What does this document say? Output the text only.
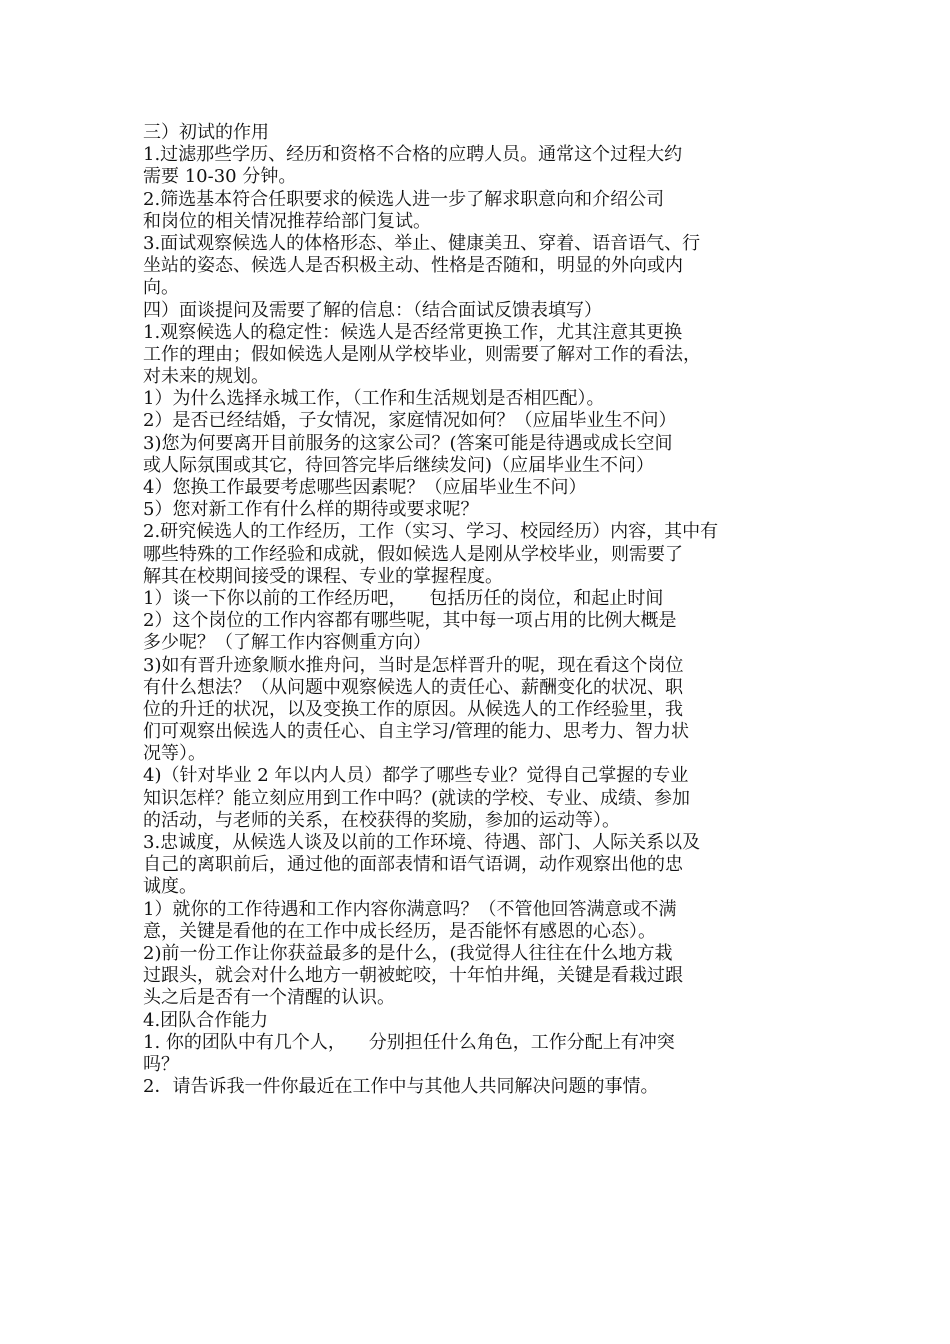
三）初试的作用
1.过滤那些学历、经历和资格不合格的应聘人员。通常这个过程大约
需要 10-30 分钟。
2.筛选基本符合任职要求的候选人进一步了解求职意向和介绍公司
和岗位的相关情况推荐给部门复试。
3.面试观察候选人的体格形态、举止、健康美丑、穿着、语音语气、行
坐站的姿态、候选人是否积极主动、性格是否随和，明显的外向或内
向。
四）面谈提问及需要了解的信息：（结合面试反馈表填写）
1.观察候选人的稳定性：候选人是否经常更换工作，尤其注意其更换
工作的理由；假如候选人是刚从学校毕业，则需要了解对工作的看法，
对未来的规划。
1）为什么选择永城工作，（工作和生活规划是否相匹配）。
2）是否已经结婚，子女情况，家庭情况如何？（应届毕业生不问）
3)您为何要离开目前服务的这家公司？(答案可能是待遇或成长空间
或人际氛围或其它，待回答完毕后继续发问)（应届毕业生不问）
4）您换工作最要考虑哪些因素呢？（应届毕业生不问）
5）您对新工作有什么样的期待或要求呢？
2.研究候选人的工作经历，工作（实习、学习、校园经历）内容，其中有
哪些特殊的工作经验和成就，假如候选人是刚从学校毕业，则需要了
解其在校期间接受的课程、专业的掌握程度。
1）谈一下你以前的工作经历吧，    包括历任的岗位，和起止时间
2）这个岗位的工作内容都有哪些呢，其中每一项占用的比例大概是
多少呢？（了解工作内容侧重方向）
3)如有晋升迹象顺水推舟问，当时是怎样晋升的呢，现在看这个岗位
有什么想法？（从问题中观察候选人的责任心、薪酬变化的状况、职
位的升迁的状况，以及变换工作的原因。从候选人的工作经验里，我
们可观察出候选人的责任心、自主学习/管理的能力、思考力、智力状
况等）。
4)（针对毕业 2 年以内人员）都学了哪些专业？觉得自己掌握的专业
知识怎样？能立刻应用到工作中吗？(就读的学校、专业、成绩、参加
的活动，与老师的关系，在校获得的奖励，参加的运动等）。
3.忠诚度，从候选人谈及以前的工作环境、待遇、部门、人际关系以及
自己的离职前后，通过他的面部表情和语气语调，动作观察出他的忠
诚度。
1）就你的工作待遇和工作内容你满意吗？（不管他回答满意或不满
意，关键是看他的在工作中成长经历，是否能怀有感恩的心态）。
2)前一份工作让你获益最多的是什么，(我觉得人往往在什么地方栽
过跟头，就会对什么地方一朝被蛇咬，十年怕井绳，关键是看栽过跟
头之后是否有一个清醒的认识。
4.团队合作能力
1. 你的团队中有几个人，    分别担任什么角色，工作分配上有冲突
吗？
2．请告诉我一件你最近在工作中与其他人共同解决问题的事情。
